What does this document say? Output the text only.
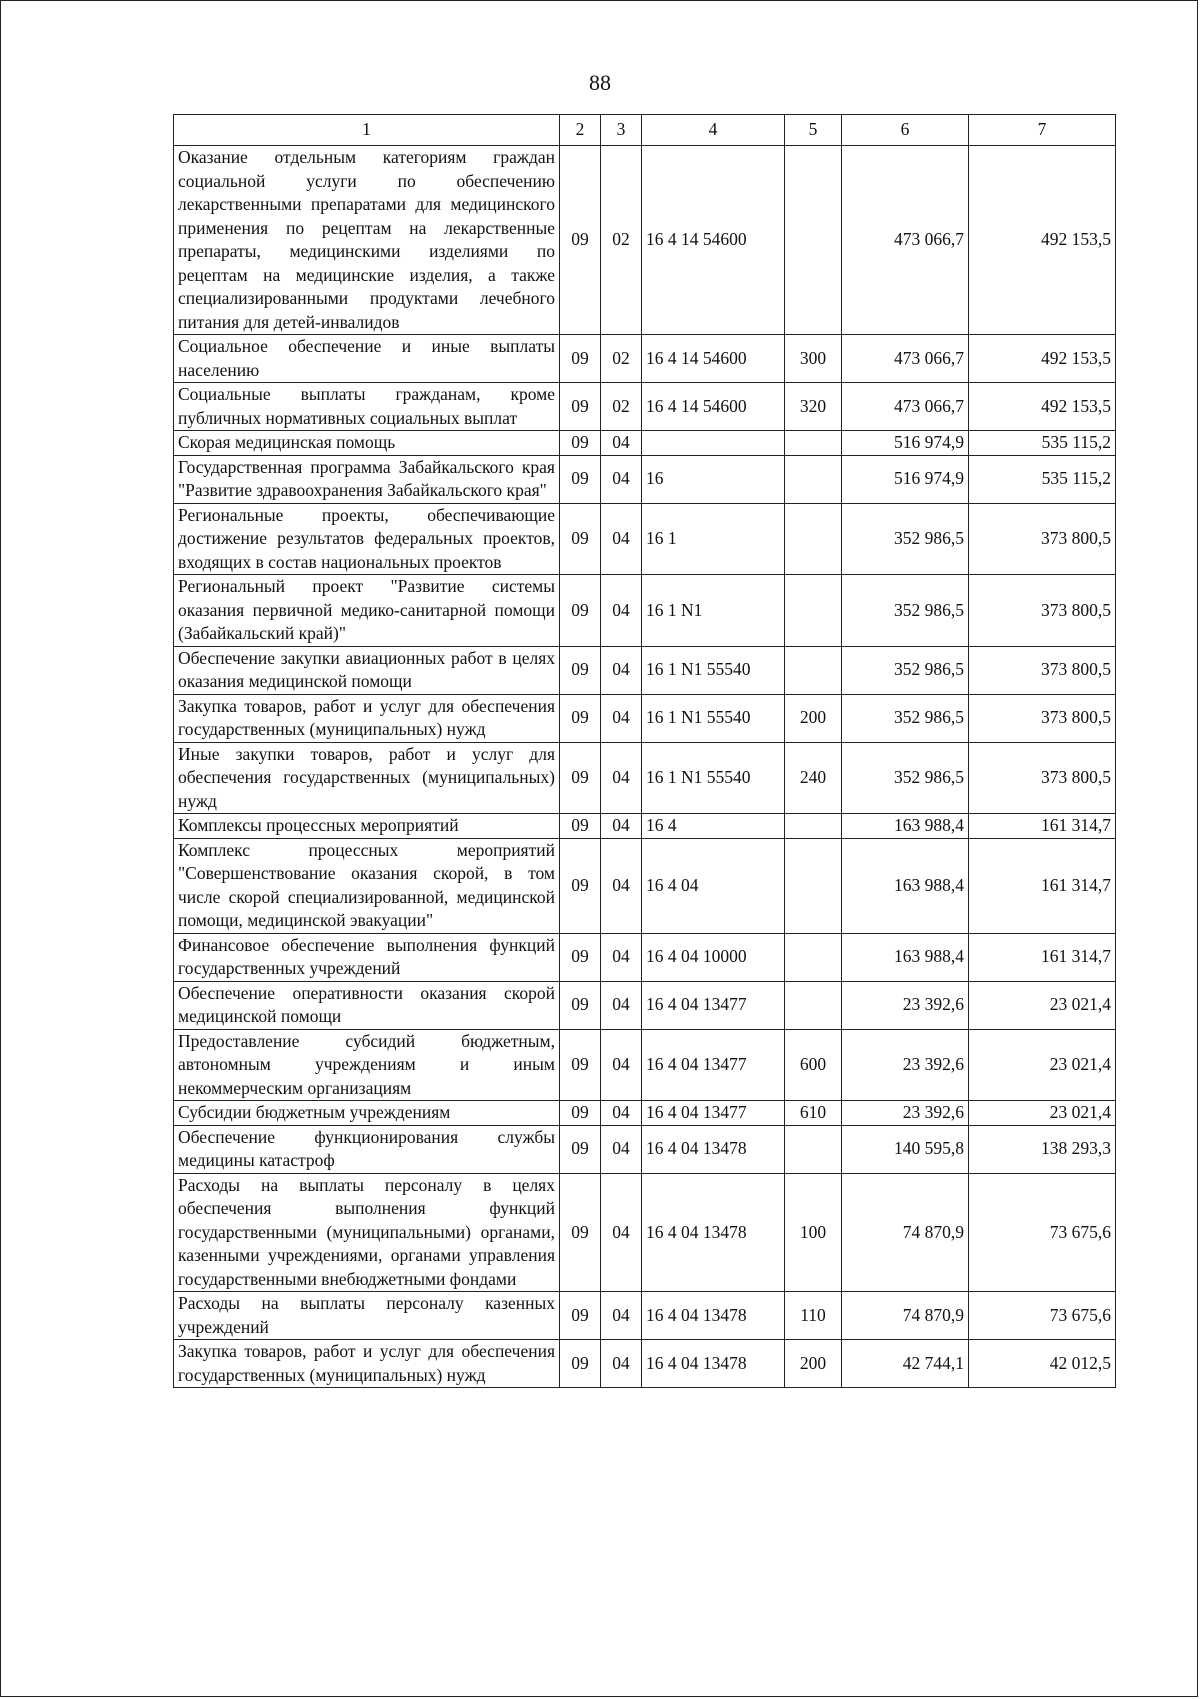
88
1	2	3	4	5	6	7
Оказание отдельным категориям граждан социальной услуги по обеспечению лекарственными препаратами для медицинского применения по рецептам на лекарственные препараты, медицинскими изделиями по рецептам на медицинские изделия, а также специализированными продуктами лечебного питания для детей-инвалидов	09	02	16 4 14 54600		473 066,7	492 153,5
Социальное обеспечение и иные выплаты населению	09	02	16 4 14 54600	300	473 066,7	492 153,5
Социальные выплаты гражданам, кроме публичных нормативных социальных выплат	09	02	16 4 14 54600	320	473 066,7	492 153,5
Скорая медицинская помощь	09	04			516 974,9	535 115,2
Государственная программа Забайкальского края "Развитие здравоохранения Забайкальского края"	09	04	16		516 974,9	535 115,2
Региональные проекты, обеспечивающие достижение результатов федеральных проектов, входящих в состав национальных проектов	09	04	16 1		352 986,5	373 800,5
Региональный проект "Развитие системы оказания первичной медико-санитарной помощи (Забайкальский край)"	09	04	16 1 N1		352 986,5	373 800,5
Обеспечение закупки авиационных работ в целях оказания медицинской помощи	09	04	16 1 N1 55540		352 986,5	373 800,5
Закупка товаров, работ и услуг для обеспечения государственных (муниципальных) нужд	09	04	16 1 N1 55540	200	352 986,5	373 800,5
Иные закупки товаров, работ и услуг для обеспечения государственных (муниципальных) нужд	09	04	16 1 N1 55540	240	352 986,5	373 800,5
Комплексы процессных мероприятий	09	04	16 4		163 988,4	161 314,7
Комплекс процессных мероприятий "Совершенствование оказания скорой, в том числе скорой специализированной, медицинской помощи, медицинской эвакуации"	09	04	16 4 04		163 988,4	161 314,7
Финансовое обеспечение выполнения функций государственных учреждений	09	04	16 4 04 10000		163 988,4	161 314,7
Обеспечение оперативности оказания скорой медицинской помощи	09	04	16 4 04 13477		23 392,6	23 021,4
Предоставление субсидий бюджетным, автономным учреждениям и иным некоммерческим организациям	09	04	16 4 04 13477	600	23 392,6	23 021,4
Субсидии бюджетным учреждениям	09	04	16 4 04 13477	610	23 392,6	23 021,4
Обеспечение функционирования службы медицины катастроф	09	04	16 4 04 13478		140 595,8	138 293,3
Расходы на выплаты персоналу в целях обеспечения выполнения функций государственными (муниципальными) органами, казенными учреждениями, органами управления государственными внебюджетными фондами	09	04	16 4 04 13478	100	74 870,9	73 675,6
Расходы на выплаты персоналу казенных учреждений	09	04	16 4 04 13478	110	74 870,9	73 675,6
Закупка товаров, работ и услуг для обеспечения государственных (муниципальных) нужд	09	04	16 4 04 13478	200	42 744,1	42 012,5
